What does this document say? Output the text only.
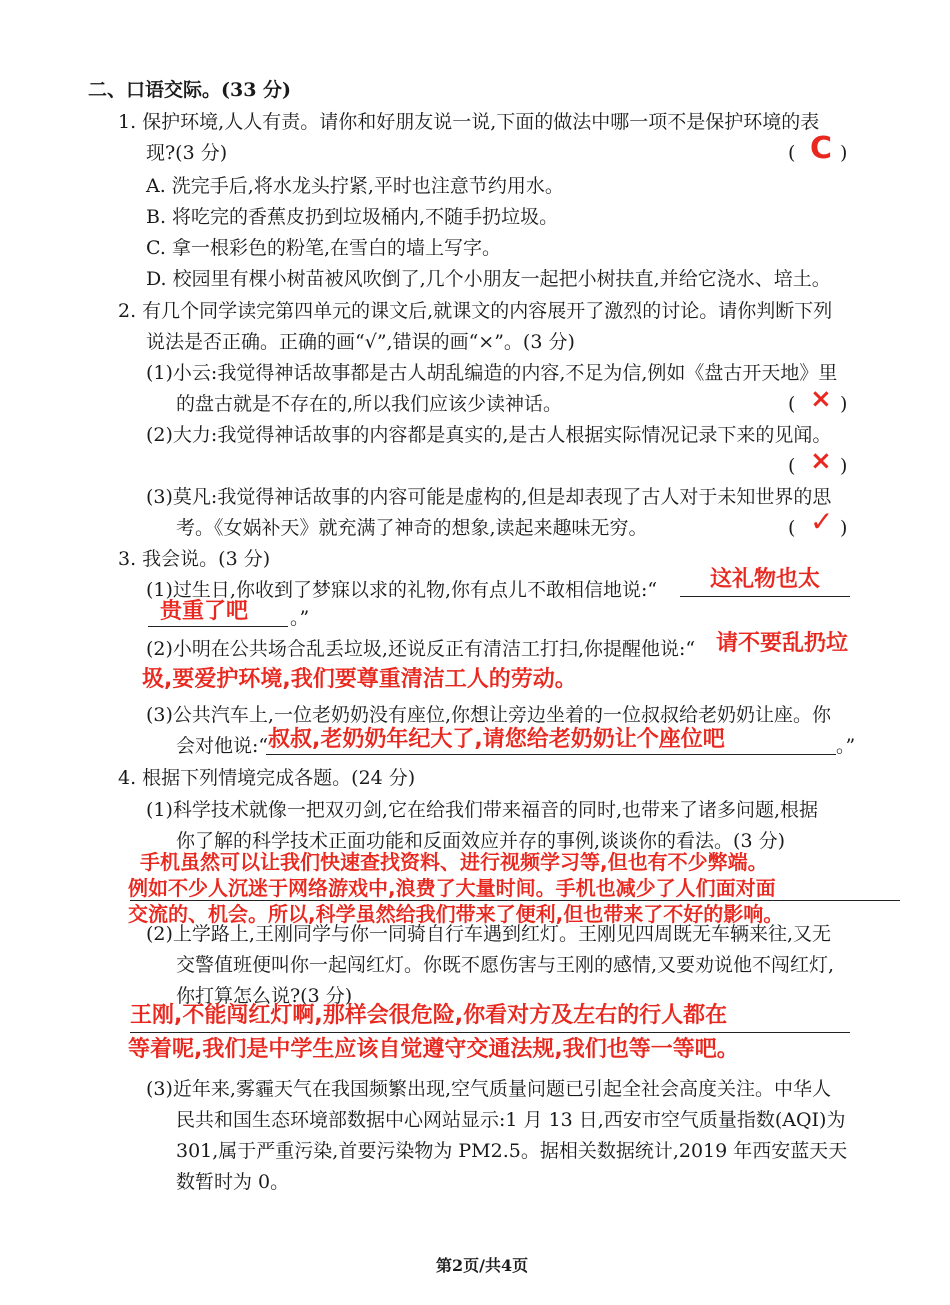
二、口语交际。(33 分)
1. 保护环境,人人有责。请你和好朋友说一说,下面的做法中哪一项不是保护环境的表
现?(3 分)	( C )
A. 洗完手后,将水龙头拧紧,平时也注意节约用水。
B. 将吃完的香蕉皮扔到垃圾桶内,不随手扔垃圾。
C. 拿一根彩色的粉笔,在雪白的墙上写字。
D. 校园里有棵小树苗被风吹倒了,几个小朋友一起把小树扶直,并给它浇水、培土。
2. 有几个同学读完第四单元的课文后,就课文的内容展开了激烈的讨论。请你判断下列
说法是否正确。正确的画“√”,错误的画“×”。(3 分)
(1)小云:我觉得神话故事都是古人胡乱编造的内容,不足为信,例如《盘古开天地》里
的盘古就是不存在的,所以我们应该少读神话。	( × )
(2)大力:我觉得神话故事的内容都是真实的,是古人根据实际情况记录下来的见闻。
( × )
(3)莫凡:我觉得神话故事的内容可能是虚构的,但是却表现了古人对于未知世界的思
考。《女娲补天》就充满了神奇的想象,读起来趣味无穷。	( ✓ )
3. 我会说。(3 分)
(1)过生日,你收到了梦寐以求的礼物,你有点儿不敢相信地说:“ 这礼物也太
贵重了吧 。”
(2)小明在公共场合乱丢垃圾,还说反正有清洁工打扫,你提醒他说:“ 请不要乱扔垃
圾,要爱护环境,我们要尊重清洁工人的劳动。
(3)公共汽车上,一位老奶奶没有座位,你想让旁边坐着的一位叔叔给老奶奶让座。你
会对他说:“ 叔叔,老奶奶年纪大了,请您给老奶奶让个座位吧	。”
4. 根据下列情境完成各题。(24 分)
(1)科学技术就像一把双刃剑,它在给我们带来福音的同时,也带来了诸多问题,根据
你了解的科学技术正面功能和反面效应并存的事例,谈谈你的看法。(3 分)
手机虽然可以让我们快速查找资料、进行视频学习等,但也有不少弊端。
例如不少人沉迷于网络游戏中,浪费了大量时间。手机也减少了人们面对面
交流的、机会。所以,科学虽然给我们带来了便利,但也带来了不好的影响。
(2)上学路上,王刚同学与你一同骑自行车遇到红灯。王刚见四周既无车辆来往,又无
交警值班便叫你一起闯红灯。你既不愿伤害与王刚的感情,又要劝说他不闯红灯,
你打算怎么说?(3 分)
王刚,不能闯红灯啊,那样会很危险,你看对方及左右的行人都在
等着呢,我们是中学生应该自觉遵守交通法规,我们也等一等吧。
(3)近年来,雾霾天气在我国频繁出现,空气质量问题已引起全社会高度关注。中华人
民共和国生态环境部数据中心网站显示:1 月 13 日,西安市空气质量指数(AQI)为
301,属于严重污染,首要污染物为 PM2.5。据相关数据统计,2019 年西安蓝天天
数暂时为 0。
第2页/共4页
